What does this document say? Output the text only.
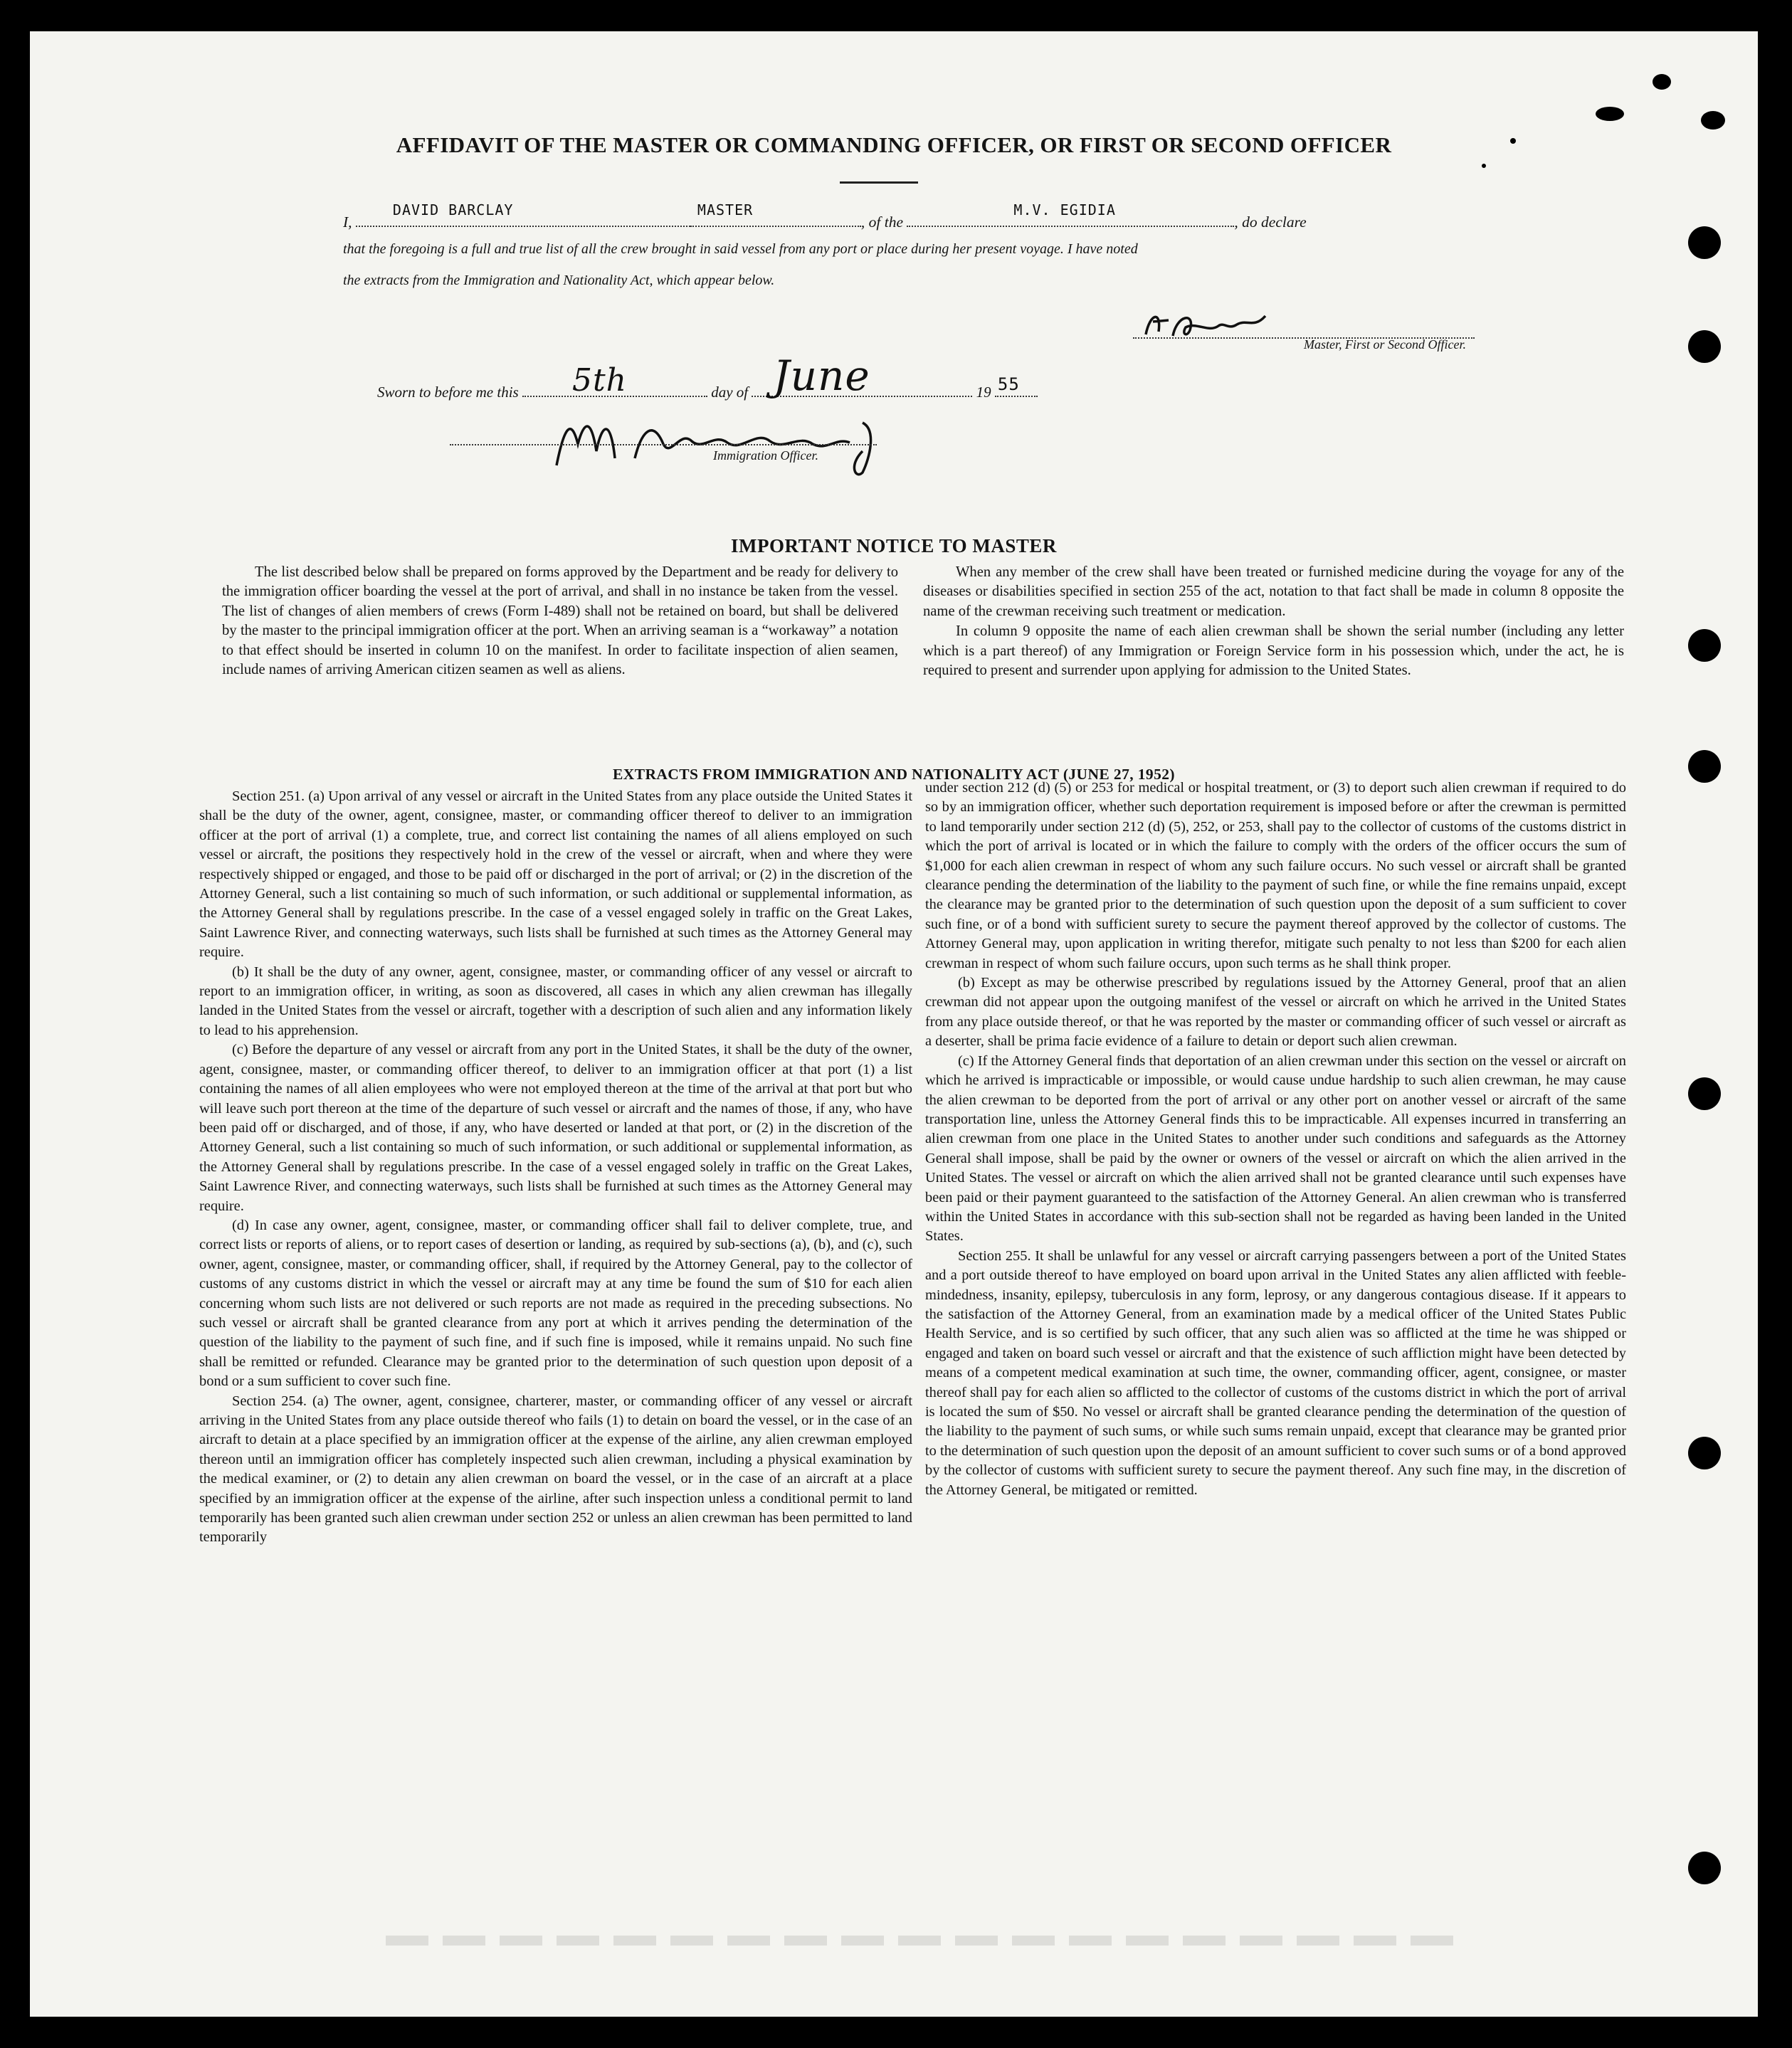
AFFIDAVIT OF THE MASTER OR COMMANDING OFFICER, OR FIRST OR SECOND OFFICER
I,
DAVID BARCLAY	MASTER
, of the
M.V. EGIDIA
, do declare
that the foregoing is a full and true list of all the crew brought in said vessel from any port or place during her present voyage. I have noted
the extracts from the Immigration and Nationality Act, which appear below.
Master, First or Second Officer.
Sworn to before me this 5th	day of June	19 55
Immigration Officer.
IMPORTANT NOTICE TO MASTER

The list described below shall be prepared on forms approved by the Department and be ready for delivery to the immigration officer boarding the vessel at the port of arrival, and shall in no instance be taken from the vessel. The list of changes of alien members of crews (Form I-489) shall not be retained on board, but shall be delivered by the master to the principal immigration officer at the port. When an arriving seaman is a “workaway” a notation to that effect should be inserted in column 10 on the manifest. In order to facilitate inspection of alien seamen, include names of arriving American citizen seamen as well as aliens.

When any member of the crew shall have been treated or furnished medicine during the voyage for any of the diseases or disabilities specified in section 255 of the act, notation to that fact shall be made in column 8 opposite the name of the crewman receiving such treatment or medication.

In column 9 opposite the name of each alien crewman shall be shown the serial number (including any letter which is a part thereof) of any Immigration or Foreign Service form in his possession which, under the act, he is required to present and surrender upon applying for admission to the United States.

EXTRACTS FROM IMMIGRATION AND NATIONALITY ACT (JUNE 27, 1952)

Section 251. (a) Upon arrival of any vessel or aircraft in the United States from any place outside the United States it shall be the duty of the owner, agent, consignee, master, or commanding officer thereof to deliver to an immigration officer at the port of arrival (1) a complete, true, and correct list containing the names of all aliens employed on such vessel or aircraft, the positions they respectively hold in the crew of the vessel or aircraft, when and where they were respectively shipped or engaged, and those to be paid off or discharged in the port of arrival; or (2) in the discretion of the Attorney General, such a list containing so much of such information, or such additional or supplemental information, as the Attorney General shall by regulations prescribe. In the case of a vessel engaged solely in traffic on the Great Lakes, Saint Lawrence River, and connecting waterways, such lists shall be furnished at such times as the Attorney General may require.

(b) It shall be the duty of any owner, agent, consignee, master, or commanding officer of any vessel or aircraft to report to an immigration officer, in writing, as soon as discovered, all cases in which any alien crewman has illegally landed in the United States from the vessel or aircraft, together with a description of such alien and any information likely to lead to his apprehension.

(c) Before the departure of any vessel or aircraft from any port in the United States, it shall be the duty of the owner, agent, consignee, master, or commanding officer thereof, to deliver to an immigration officer at that port (1) a list containing the names of all alien employees who were not employed thereon at the time of the arrival at that port but who will leave such port thereon at the time of the departure of such vessel or aircraft and the names of those, if any, who have been paid off or discharged, and of those, if any, who have deserted or landed at that port, or (2) in the discretion of the Attorney General, such a list containing so much of such information, or such additional or supplemental information, as the Attorney General shall by regulations prescribe. In the case of a vessel engaged solely in traffic on the Great Lakes, Saint Lawrence River, and connecting waterways, such lists shall be furnished at such times as the Attorney General may require.

(d) In case any owner, agent, consignee, master, or commanding officer shall fail to deliver complete, true, and correct lists or reports of aliens, or to report cases of desertion or landing, as required by sub-sections (a), (b), and (c), such owner, agent, consignee, master, or commanding officer, shall, if required by the Attorney General, pay to the collector of customs of any customs district in which the vessel or aircraft may at any time be found the sum of $10 for each alien concerning whom such lists are not delivered or such reports are not made as required in the preceding subsections. No such vessel or aircraft shall be granted clearance from any port at which it arrives pending the determination of the question of the liability to the payment of such fine, and if such fine is imposed, while it remains unpaid. No such fine shall be remitted or refunded. Clearance may be granted prior to the determination of such question upon deposit of a bond or a sum sufficient to cover such fine.

Section 254. (a) The owner, agent, consignee, charterer, master, or commanding officer of any vessel or aircraft arriving in the United States from any place outside thereof who fails (1) to detain on board the vessel, or in the case of an aircraft to detain at a place specified by an immigration officer at the expense of the airline, any alien crewman employed thereon until an immigration officer has completely inspected such alien crewman, including a physical examination by the medical examiner, or (2) to detain any alien crewman on board the vessel, or in the case of an aircraft at a place specified by an immigration officer at the expense of the airline, after such inspection unless a conditional permit to land temporarily has been granted such alien crewman under section 252 or unless an alien crewman has been permitted to land temporarily

under section 212 (d) (5) or 253 for medical or hospital treatment, or (3) to deport such alien crewman if required to do so by an immigration officer, whether such deportation requirement is imposed before or after the crewman is permitted to land temporarily under section 212 (d) (5), 252, or 253, shall pay to the collector of customs of the customs district in which the port of arrival is located or in which the failure to comply with the orders of the officer occurs the sum of $1,000 for each alien crewman in respect of whom any such failure occurs. No such vessel or aircraft shall be granted clearance pending the determination of the liability to the payment of such fine, or while the fine remains unpaid, except the clearance may be granted prior to the determination of such question upon the deposit of a sum sufficient to cover such fine, or of a bond with sufficient surety to secure the payment thereof approved by the collector of customs. The Attorney General may, upon application in writing therefor, mitigate such penalty to not less than $200 for each alien crewman in respect of whom such failure occurs, upon such terms as he shall think proper.

(b) Except as may be otherwise prescribed by regulations issued by the Attorney General, proof that an alien crewman did not appear upon the outgoing manifest of the vessel or aircraft on which he arrived in the United States from any place outside thereof, or that he was reported by the master or commanding officer of such vessel or aircraft as a deserter, shall be prima facie evidence of a failure to detain or deport such alien crewman.

(c) If the Attorney General finds that deportation of an alien crewman under this section on the vessel or aircraft on which he arrived is impracticable or impossible, or would cause undue hardship to such alien crewman, he may cause the alien crewman to be deported from the port of arrival or any other port on another vessel or aircraft of the same transportation line, unless the Attorney General finds this to be impracticable. All expenses incurred in transferring an alien crewman from one place in the United States to another under such conditions and safeguards as the Attorney General shall impose, shall be paid by the owner or owners of the vessel or aircraft on which the alien arrived in the United States. The vessel or aircraft on which the alien arrived shall not be granted clearance until such expenses have been paid or their payment guaranteed to the satisfaction of the Attorney General. An alien crewman who is transferred within the United States in accordance with this sub-section shall not be regarded as having been landed in the United States.

Section 255. It shall be unlawful for any vessel or aircraft carrying passengers between a port of the United States and a port outside thereof to have employed on board upon arrival in the United States any alien afflicted with feeble-mindedness, insanity, epilepsy, tuberculosis in any form, leprosy, or any dangerous contagious disease. If it appears to the satisfaction of the Attorney General, from an examination made by a medical officer of the United States Public Health Service, and is so certified by such officer, that any such alien was so afflicted at the time he was shipped or engaged and taken on board such vessel or aircraft and that the existence of such affliction might have been detected by means of a competent medical examination at such time, the owner, commanding officer, agent, consignee, or master thereof shall pay for each alien so afflicted to the collector of customs of the customs district in which the port of arrival is located the sum of $50. No vessel or aircraft shall be granted clearance pending the determination of the question of the liability to the payment of such sums, or while such sums remain unpaid, except that clearance may be granted prior to the determination of such question upon the deposit of an amount sufficient to cover such sums or of a bond approved by the collector of customs with sufficient surety to secure the payment thereof. Any such fine may, in the discretion of the Attorney General, be mitigated or remitted.
